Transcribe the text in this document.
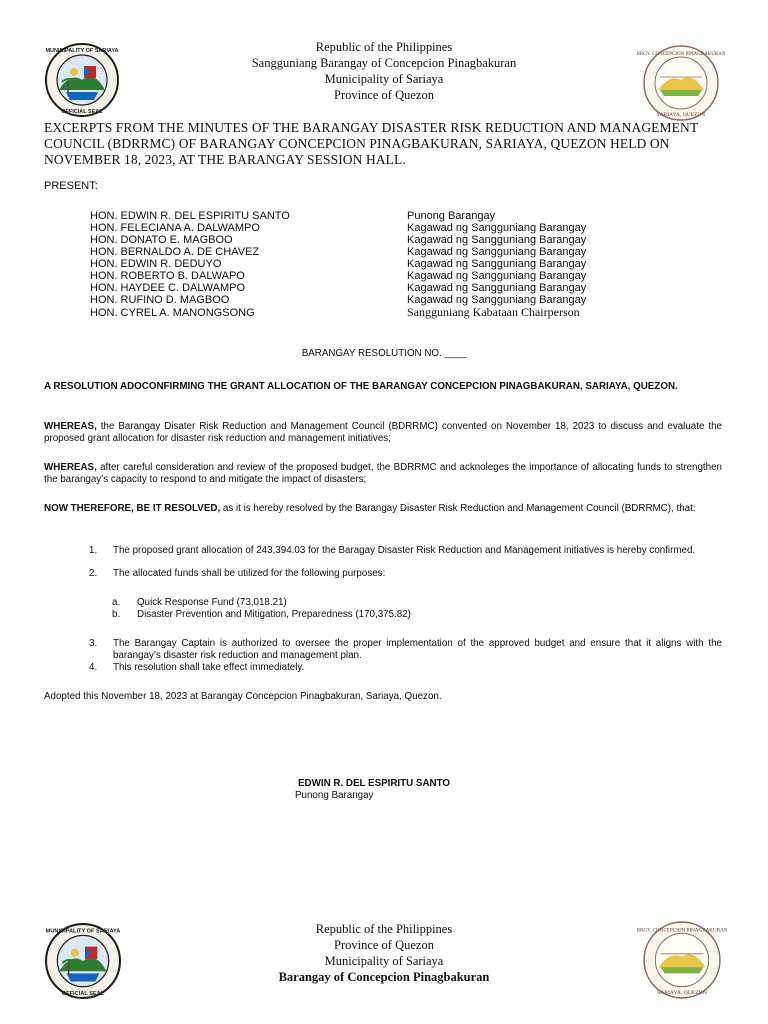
MUNICIPALITY OF SARIAYA
OFFICIAL SEAL
Republic of the Philippines
Sangguniang Barangay of Concepcion Pinagbakuran
Municipality of Sariaya
Province of Quezon
BRGY. CONCEPCION PINAGBAKURAN
SARIAYA, QUEZON
EXCERPTS FROM THE MINUTES OF THE BARANGAY DISASTER RISK REDUCTION AND MANAGEMENT COUNCIL (BDRRMC) OF BARANGAY CONCEPCION PINAGBAKURAN, SARIAYA, QUEZON HELD ON NOVEMBER 18, 2023, AT THE BARANGAY SESSION HALL.
PRESENT:
HON. EDWIN R. DEL ESPIRITU SANTO	Punong Barangay
HON. FELECIANA A. DALWAMPO	Kagawad ng Sangguniang Barangay
HON. DONATO E. MAGBOO	Kagawad ng Sangguniang Barangay
HON. BERNALDO A. DE CHAVEZ	Kagawad ng Sangguniang Barangay
HON. EDWIN R. DEDUYO	Kagawad ng Sangguniang Barangay
HON. ROBERTO B. DALWAPO	Kagawad ng Sangguniang Barangay
HON. HAYDEE C. DALWAMPO	Kagawad ng Sangguniang Barangay
HON. RUFINO D. MAGBOO	Kagawad ng Sangguniang Barangay
HON. CYREL A. MANONGSONG	Sangguniang Kabataan Chairperson
BARANGAY RESOLUTION NO. ____
A RESOLUTION ADOCONFIRMING THE GRANT ALLOCATION OF THE BARANGAY CONCEPCION PINAGBAKURAN, SARIAYA, QUEZON.
WHEREAS, the Barangay Disater Risk Reduction and Management Council (BDRRMC) convented on November 18, 2023 to discuss and evaluate the proposed grant allocation for disaster risk reduction and management initiatives;
WHEREAS, after careful consideration and review of the proposed budget, the BDRRMC and acknoleges the importance of allocating funds to strengthen the barangay’s capacity to respond to and mitigate the impact of disasters;
NOW THEREFORE, BE IT RESOLVED, as it is hereby resolved by the Barangay Disaster Risk Reduction and Management Council (BDRRMC), that:
1.	The proposed grant allocation of 243,394.03 for the Baragay Disaster Risk Reduction and Management initiatives is hereby confirmed.
2.	The allocated funds shall be utilized for the following purposes:
a.	Quick Response Fund (73,018.21)
b.	Disaster Prevention and Mitigation, Preparedness (170,375.82)
3.	The Barangay Captain is authorized to oversee the proper implementation of the approved budget and ensure that it aligns with the barangay’s disaster risk reduction and management plan.
4.	This resolution shall take effect immediately.
Adopted this November 18, 2023 at Barangay Concepcion Pinagbakuran, Sariaya, Quezon.
EDWIN R. DEL ESPIRITU SANTO
Punong Barangay
MUNICIPALITY OF SARIAYA
OFFICIAL SEAL
Republic of the Philippines
Province of Quezon
Municipality of Sariaya
Barangay of Concepcion Pinagbakuran
BRGY. CONCEPCION PINAGBAKURAN
SARIAYA, QUEZON
